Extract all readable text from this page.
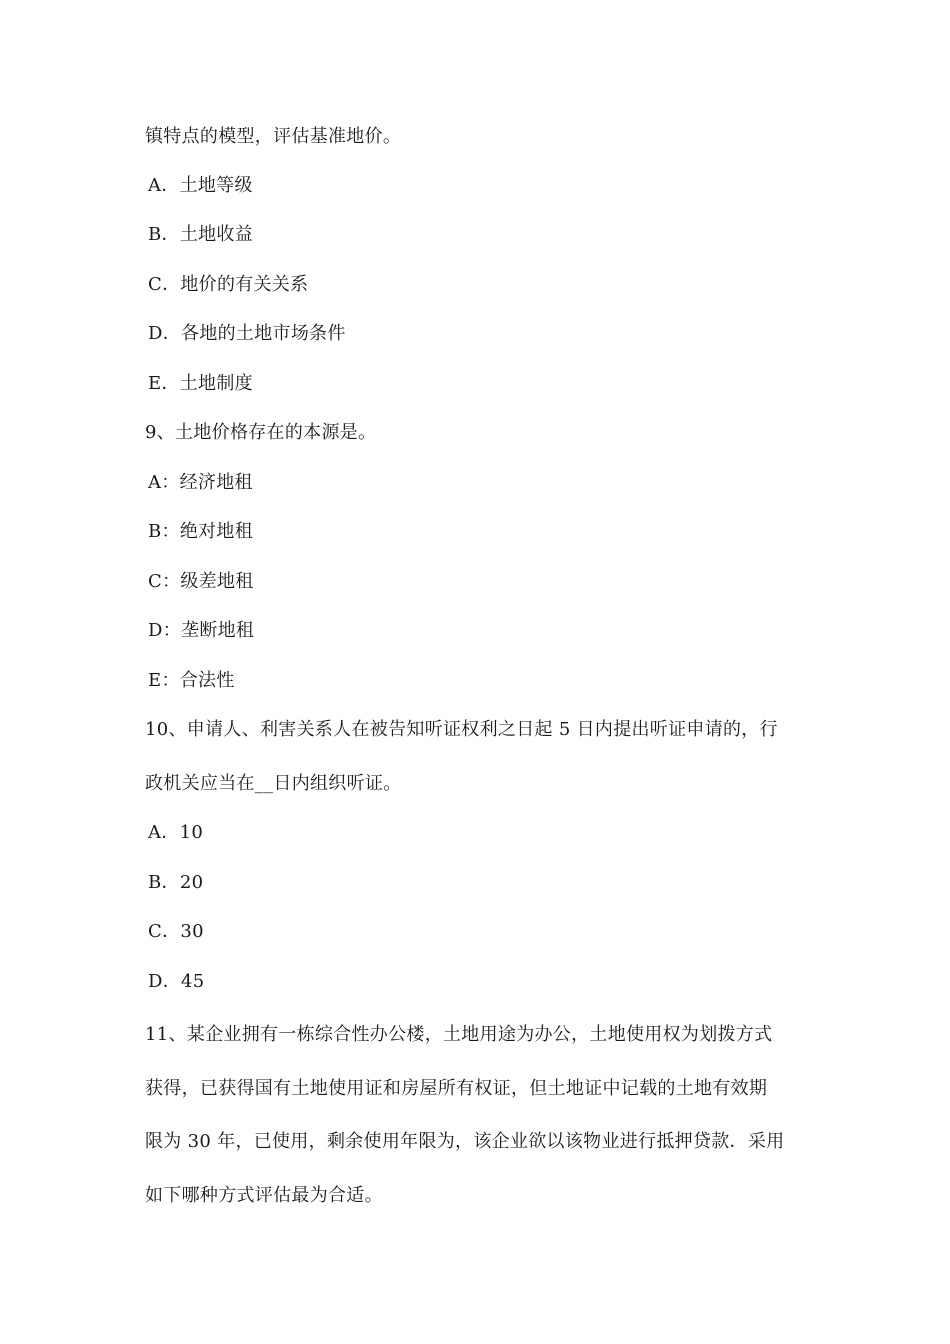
镇特点的模型，评估基准地价。
A．土地等级
B．土地收益
C．地价的有关关系
D．各地的土地市场条件
E．土地制度
9、土地价格存在的本源是。
A：经济地租
B：绝对地租
C：级差地租
D：垄断地租
E：合法性
10、申请人、利害关系人在被告知听证权利之日起 5 日内提出听证申请的，行
政机关应当在__日内组织听证。
A．10
B．20
C．30
D．45
11、某企业拥有一栋综合性办公楼，土地用途为办公，土地使用权为划拨方式
获得，已获得国有土地使用证和房屋所有权证，但土地证中记载的土地有效期
限为 30 年，已使用，剩余使用年限为，该企业欲以该物业进行抵押贷款．采用
如下哪种方式评估最为合适。
